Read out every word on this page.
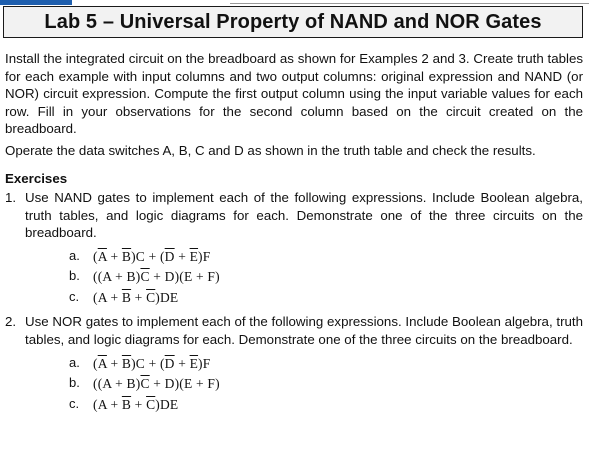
Lab 5 – Universal Property of NAND and NOR Gates

Install the integrated circuit on the breadboard as shown for Examples 2 and 3. Create truth tables for each example with input columns and two output columns: original expression and NAND (or NOR) circuit expression. Compute the first output column using the input variable values for each row. Fill in your observations for the second column based on the circuit created on the breadboard.

Operate the data switches A, B, C and D as shown in the truth table and check the results.

Exercises

1. Use NAND gates to implement each of the following expressions. Include Boolean algebra, truth tables, and logic diagrams for each. Demonstrate one of the three circuits on the breadboard.
a. $(\overline{A} + \overline{B})C + (\overline{D} + \overline{E})F$
b. $((A + B)\overline{C} + D)(E + F)$
c.	$(A + \overline{B} + \overline{C})DE$
2. Use NOR gates to implement each of the following expressions. Include Boolean algebra, truth tables, and logic diagrams for each. Demonstrate one of the three circuits on the breadboard.
a. $(\overline{A} + \overline{B})C + (\overline{D} + \overline{E})F$
b. $((A + B)\overline{C} + D)(E + F)$
c.	$(A + \overline{B} + \overline{C})DE$
